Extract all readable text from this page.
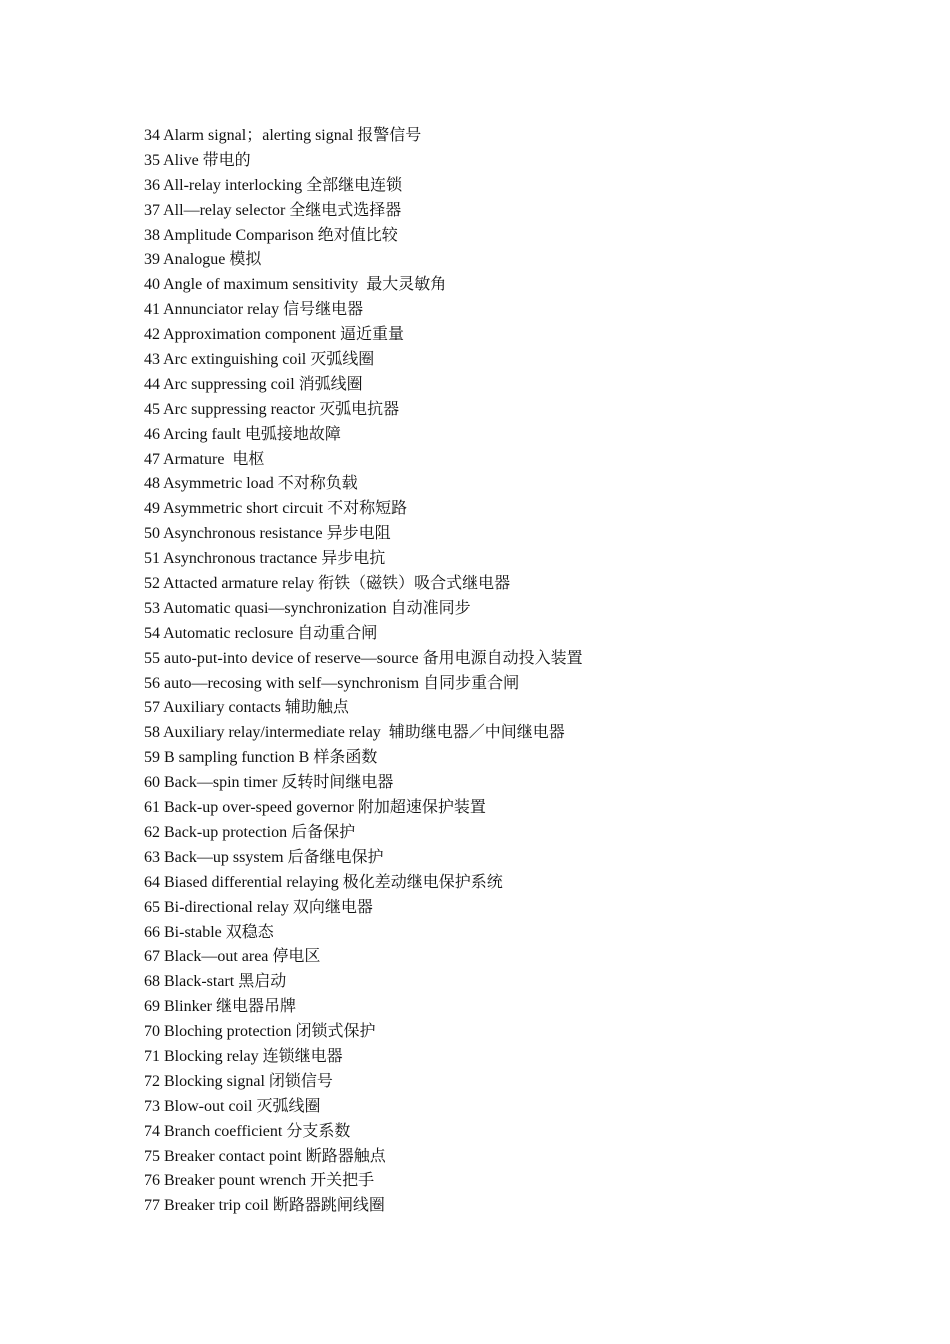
34 Alarm signal；alerting signal 报警信号
35 Alive 带电的
36 All-relay interlocking 全部继电连锁
37 All—relay selector 全继电式选择器
38 Amplitude Comparison 绝对值比较
39 Analogue 模拟
40 Angle of maximum sensitivity  最大灵敏角
41 Annunciator relay 信号继电器
42 Approximation component 逼近重量
43 Arc extinguishing coil 灭弧线圈
44 Arc suppressing coil 消弧线圈
45 Arc suppressing reactor 灭弧电抗器
46 Arcing fault 电弧接地故障
47 Armature  电枢
48 Asymmetric load 不对称负载
49 Asymmetric short circuit 不对称短路
50 Asynchronous resistance 异步电阻
51 Asynchronous tractance 异步电抗
52 Attacted armature relay 衔铁（磁铁）吸合式继电器
53 Automatic quasi—synchronization 自动准同步
54 Automatic reclosure 自动重合闸
55 auto-put-into device of reserve—source 备用电源自动投入装置
56 auto—recosing with self—synchronism 自同步重合闸
57 Auxiliary contacts 辅助触点
58 Auxiliary relay/intermediate relay  辅助继电器／中间继电器
59 B sampling function B 样条函数
60 Back—spin timer 反转时间继电器
61 Back-up over-speed governor 附加超速保护装置
62 Back-up protection 后备保护
63 Back—up ssystem 后备继电保护
64 Biased differential relaying 极化差动继电保护系统
65 Bi-directional relay 双向继电器
66 Bi-stable 双稳态
67 Black—out area 停电区
68 Black-start 黑启动
69 Blinker 继电器吊牌
70 Bloching protection 闭锁式保护
71 Blocking relay 连锁继电器
72 Blocking signal 闭锁信号
73 Blow-out coil 灭弧线圈
74 Branch coefficient 分支系数
75 Breaker contact point 断路器触点
76 Breaker pount wrench 开关把手
77 Breaker trip coil 断路器跳闸线圈
